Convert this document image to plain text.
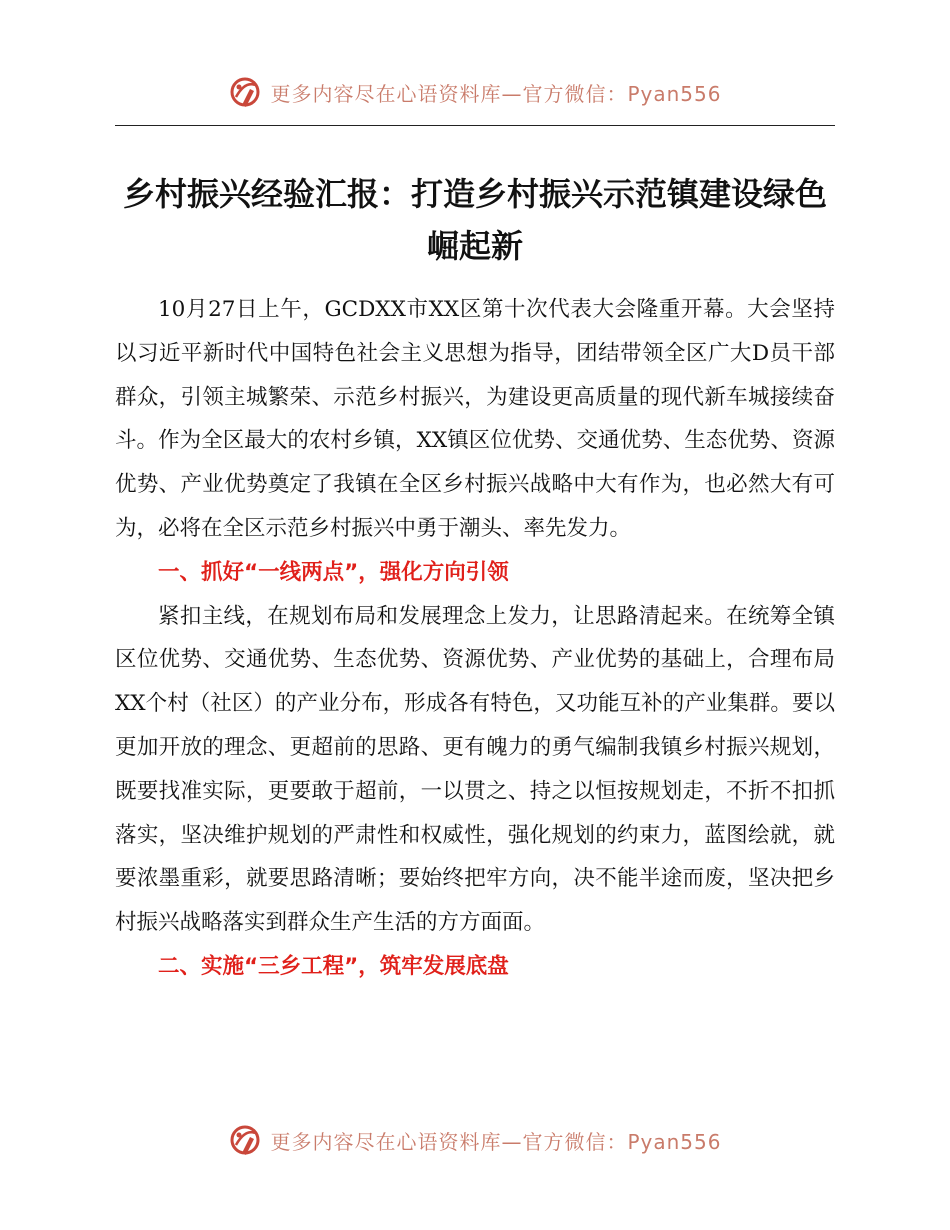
更多内容尽在心语资料库—官方微信：Pyan556
乡村振兴经验汇报：打造乡村振兴示范镇建设绿色崛起新

10月27日上午，GCDXX市XX区第十次代表大会隆重开幕。大会坚持以习近平新时代中国特色社会主义思想为指导，团结带领全区广大D员干部群众，引领主城繁荣、示范乡村振兴，为建设更高质量的现代新车城接续奋斗。作为全区最大的农村乡镇，XX镇区位优势、交通优势、生态优势、资源优势、产业优势奠定了我镇在全区乡村振兴战略中大有作为，也必然大有可为，必将在全区示范乡村振兴中勇于潮头、率先发力。

一、抓好“一线两点”，强化方向引领

紧扣主线，在规划布局和发展理念上发力，让思路清起来。在统筹全镇区位优势、交通优势、生态优势、资源优势、产业优势的基础上，合理布局XX个村（社区）的产业分布，形成各有特色，又功能互补的产业集群。要以更加开放的理念、更超前的思路、更有魄力的勇气编制我镇乡村振兴规划，既要找准实际，更要敢于超前，一以贯之、持之以恒按规划走，不折不扣抓落实，坚决维护规划的严肃性和权威性，强化规划的约束力，蓝图绘就，就要浓墨重彩，就要思路清晰；要始终把牢方向，决不能半途而废，坚决把乡村振兴战略落实到群众生产生活的方方面面。

二、实施“三乡工程”，筑牢发展底盘

更多内容尽在心语资料库—官方微信：Pyan556
